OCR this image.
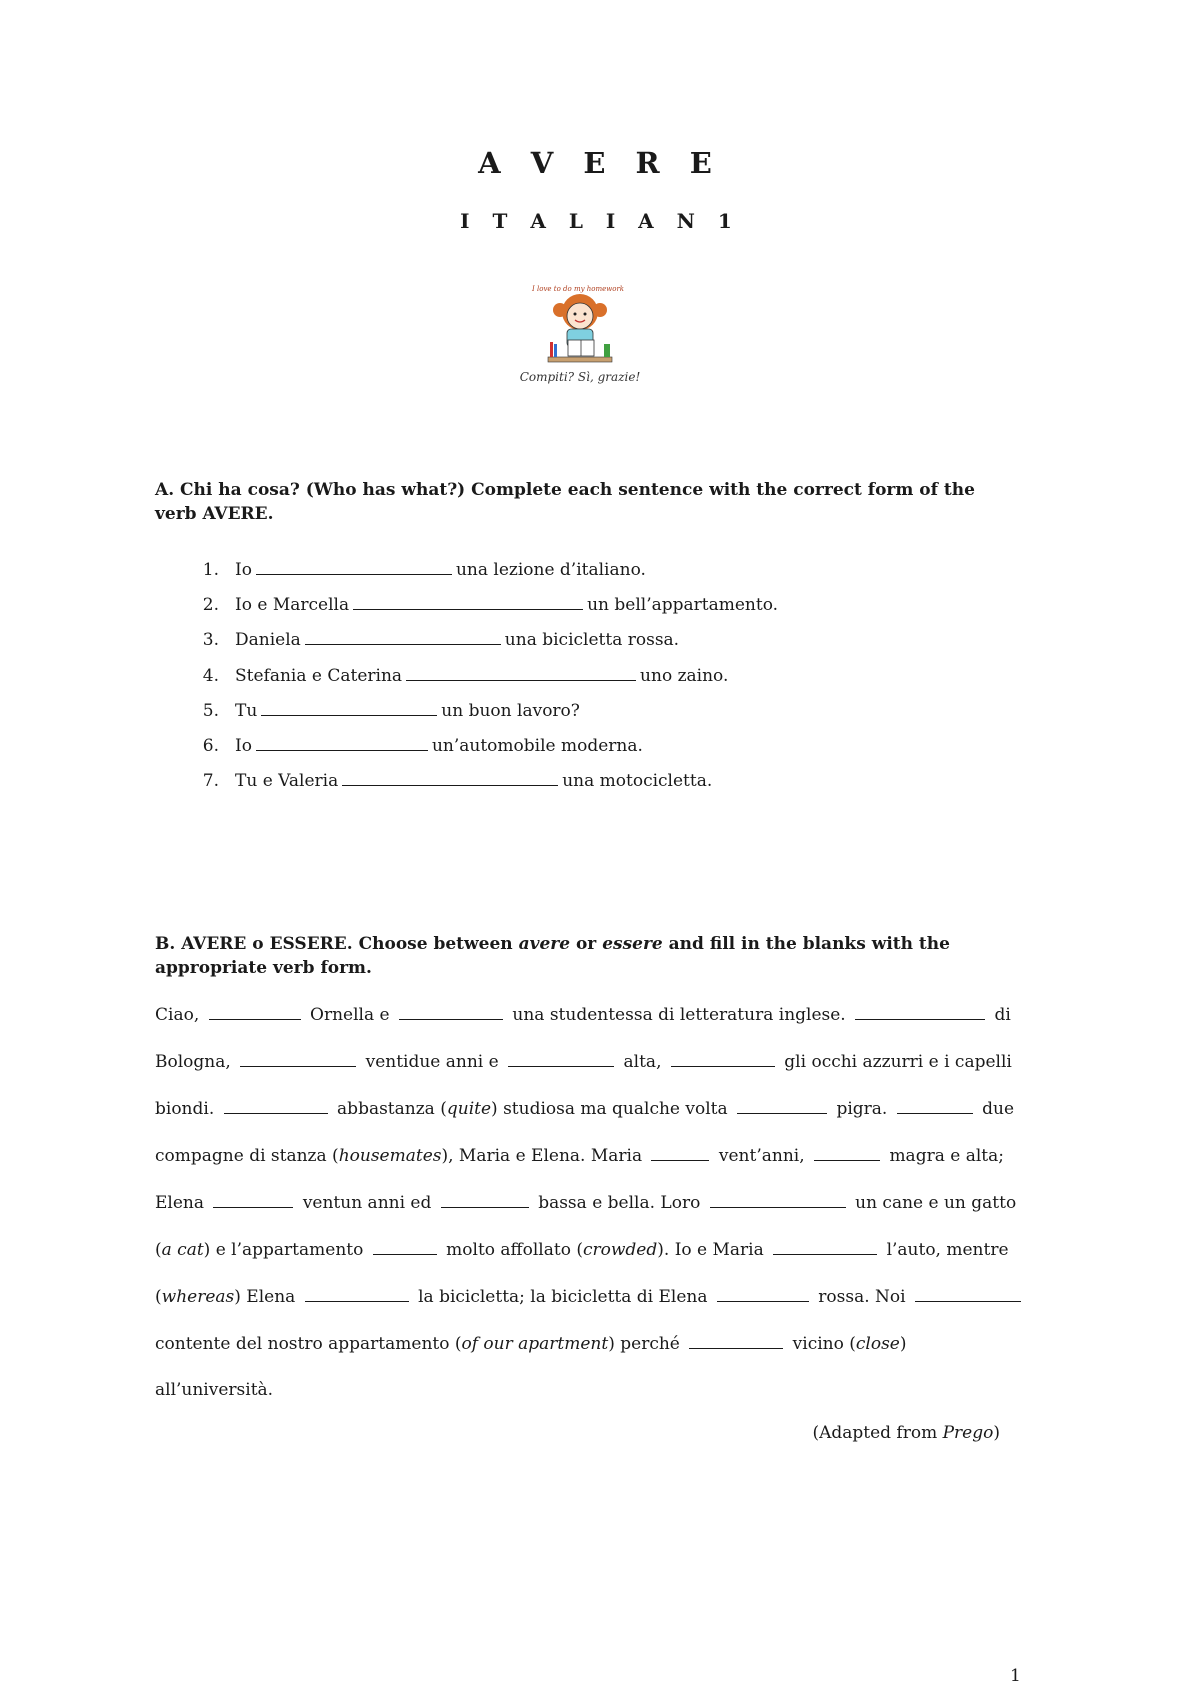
A V E R E
I T A L I A N 1
I love to do my homework
Compiti? Sì, grazie!
A. Chi ha cosa? (Who has what?) Complete each sentence with the correct form of the verb AVERE.
1. Io	una lezione d’italiano.
2. Io e Marcella	un bell’appartamento.
3. Daniela	una bicicletta rossa.
4. Stefania e Caterina	uno zaino.
5. Tu	un buon lavoro?
6. Io	un’automobile moderna.
7. Tu e Valeria	una motocicletta.
B. AVERE o ESSERE. Choose between avere or essere and fill in the blanks with the appropriate verb form.
Ciao,	Ornella e	una studentessa di letteratura inglese.	di
Bologna,	ventidue anni e	alta,	gli occhi azzurri e i capelli
biondi.	abbastanza (quite) studiosa ma qualche volta	pigra.	due
compagne di stanza (housemates), Maria e Elena. Maria	vent’anni,	magra e alta;
Elena	ventun anni ed	bassa e bella. Loro	un cane e un gatto
(a cat) e l’appartamento	molto affollato (crowded). Io e Maria	l’auto, mentre
(whereas) Elena	la bicicletta; la bicicletta di Elena	rossa. Noi
contente del nostro appartamento (of our apartment) perché	vicino (close)
all’università.
(Adapted from Prego)
1
